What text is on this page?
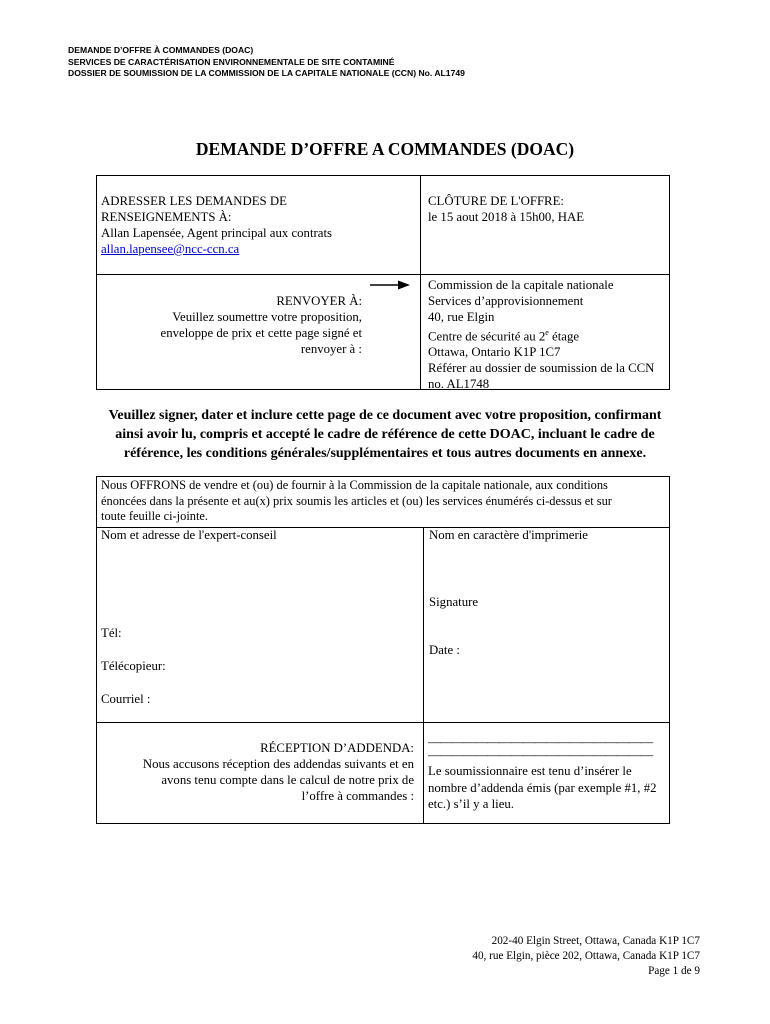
DEMANDE D’OFFRE À COMMANDES (DOAC)
SERVICES DE CARACTÉRISATION ENVIRONNEMENTALE DE SITE CONTAMINÉ
DOSSIER DE SOUMISSION DE LA COMMISSION DE LA CAPITALE NATIONALE (CCN) No. AL1749
DEMANDE D’OFFRE A COMMANDES (DOAC)
ADRESSER LES DEMANDES DE
RENSEIGNEMENTS À:
Allan Lapensée, Agent principal aux contrats
allan.lapensee@ncc-ccn.ca
CLÔTURE DE L'OFFRE:
le 15 aout 2018 à 15h00, HAE
RENVOYER À:
Veuillez soumettre votre proposition,
enveloppe de prix et cette page signé et
renvoyer à :
Commission de la capitale nationale
Services d’approvisionnement
40, rue Elgin
Centre de sécurité au 2e étage
Ottawa, Ontario K1P 1C7
Référer au dossier de soumission de la CCN
no. AL1748
Veuillez signer, dater et inclure cette page de ce document avec votre proposition, confirmant
ainsi avoir lu, compris et accepté le cadre de référence de cette DOAC, incluant le cadre de
référence, les conditions générales/supplémentaires et tous autres documents en annexe.
Nous OFFRONS de vendre et (ou) de fournir à la Commission de la capitale nationale, aux conditions
énoncées dans la présente et au(x) prix soumis les articles et (ou) les services énumérés ci-dessus et sur
toute feuille ci-jointe.
Nom et adresse de l'expert-conseil	Nom en caractère d'imprimerie
Signature
Tél:
Date :
Télécopieur:
Courriel :
RÉCEPTION D’ADDENDA:
Nous accusons réception des addendas suivants et en
avons tenu compte dans le calcul de notre prix de
l’offre à commandes :
———————————————————
———————————————————
Le soumissionnaire est tenu d’insérer le
nombre d’addenda émis (par exemple #1, #2
etc.) s’il y a lieu.
202-40 Elgin Street, Ottawa, Canada K1P 1C7
40, rue Elgin, pièce 202, Ottawa, Canada K1P 1C7
Page 1 de 9
